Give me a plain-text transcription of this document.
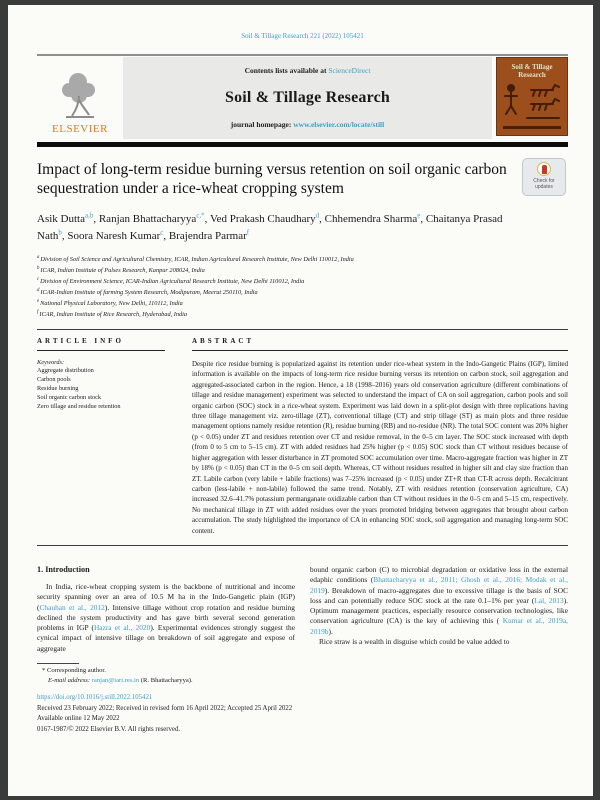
Soil & Tillage Research 221 (2022) 105421
ELSEVIER
Contents lists available at ScienceDirect
Soil & Tillage Research
journal homepage: www.elsevier.com/locate/still
Soil & Tillage
Research
Impact of long-term residue burning versus retention on soil organic carbon sequestration under a rice-wheat cropping system	Check for
updates
Asik Dutta$^{a,b}$, Ranjan Bhattacharyya$^{c,*}$, Ved Prakash Chaudhary$^d$, Chhemendra Sharma$^e$, Chaitanya Prasad Nath$^b$, Soora Naresh Kumar$^c$, Brajendra Parmar$^f$
$^a$Division of Soil Science and Agricultural Chemistry, ICAR, Indian Agricultural Research Institute, New Delhi 110012, India
$^b$ICAR, Indian Institute of Pulses Research, Kanpur 208024, India
$^c$Division of Environment Science, ICAR-Indian Agricultural Research Institute, New Delhi 110012, India
$^d$ICAR-Indian Institute of farming System Research, Modipuram, Meerut 250110, India
$^e$National Physical Laboratory, New Delhi, 110112, India
$^f$ICAR, Indian Institute of Rice Research, Hyderabad, India
ARTICLE INFO
Keywords:
Aggregate distribution
Carbon pools
Residue burning
Soil organic carbon stock
Zero tillage and residue retention
ABSTRACT
Despite rice residue burning is popularized against its retention under rice-wheat system in the Indo-Gangetic Plains (IGP), limited information is available on the impacts of long-term rice residue burning versus its retention on carbon stock, soil aggregation and aggregated-associated carbon in the region. Hence, a 18 (1998–2016) years old conservation agriculture (different combinations of tillage and residue management) experiment was selected to understand the impact of CA on soil aggregation, carbon pools and soil organic carbon (SOC) stock in a rice-wheat system. Experiment was laid down in a split-plot design with three replications having three tillage management viz. zero-tillage (ZT), conventional tillage (CT) and strip tillage (ST) as main plots and three residue management options namely residue retention (R), residue burning (RB) and no-residue (NR). The total SOC content was 20% higher (p < 0.05) under ZT and residues retention over CT and residue removal, in the 0–5 cm layer. The SOC stock increased with depth (from 0 to 5 cm to 5–15 cm). ZT with added residues had 25% higher (p < 0.05) SOC stock than CT without residues because of higher aggregation with lesser disturbance in ZT promoted SOC accumulation over time. Macro-aggregate fraction was higher in ZT by 18% (p < 0.05) than CT in the 0–5 cm soil depth. Whereas, CT without residues resulted in higher silt and clay size fraction than ZT. Labile carbon (very labile + labile fractions) was 7–25% increased (p < 0.05) under ZT+R than CT-R across depth. Recalcitrant carbon (less-labile + non-labile) followed the same trend. Notably, ZT with residues retention (conservation agriculture, CA) increased 32.6–41.7% potassium permanganate oxidizable carbon than CT without residues in the 0–5 cm and 5–15 cm, respectively. No mechanical tillage in ZT with added residues over the years promoted bridging between aggregates that brought about carbon accumulation. The study highlighted the importance of CA in enhancing SOC stock, soil aggregation and managing long-term SOC content.
1. Introduction

In India, rice-wheat cropping system is the backbone of nutritional and income security spanning over an area of 10.5 M ha in the Indo-Gangetic plain (IGP) (Chauhan et al., 2012). Intensive tillage without crop rotation and residue burning declined the system productivity and has gave birth several second generation problems in IGP (Hazra et al., 2020). Experimental evidences strongly suggest the cynical impact of intensive tillage on breakdown of soil aggregate and expose of aggregate

* Corresponding author.
E-mail address: ranjan@iari.res.in (R. Bhattacharyya).
https://doi.org/10.1016/j.still.2022.105421
Received 23 February 2022; Received in revised form 16 April 2022; Accepted 25 April 2022
Available online 12 May 2022
0167-1987/© 2022 Elsevier B.V. All rights reserved.

bound organic carbon (C) to microbial degradation or oxidative loss in the external edaphic conditions (Bhattacharyya et al., 2011; Ghosh et al., 2016; Modak et al., 2019). Breakdown of macro-aggregates due to excessive tillage is the basis of SOC loss and can potentially reduce SOC stock at the rate 0.1–1% per year (Lal, 2013). Optimum management practices, especially resource conservation technologies, like conservation agriculture (CA) is the key of achieving this ( Kumar et al., 2019a, 2019b).

Rice straw is a wealth in disguise which could be value added to
